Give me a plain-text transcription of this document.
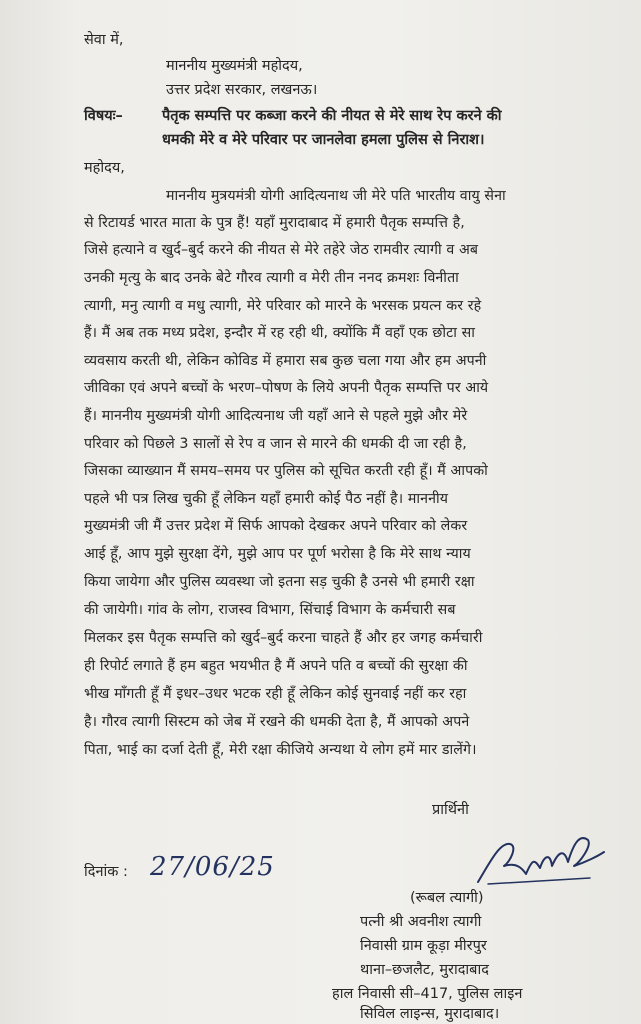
सेवा में,
माननीय मुख्यमंत्री महोदय,
उत्तर प्रदेश सरकार, लखनऊ।
विषयः–	पैतृक सम्पत्ति पर कब्जा करने की नीयत से मेरे साथ रेप करने की
धमकी मेरे व मेरे परिवार पर जानलेवा हमला पुलिस से निराश।
महोदय,
माननीय मुत्रयमंत्री योगी आदित्यनाथ जी मेरे पति भारतीय वायु सेना
से रिटायर्ड भारत माता के पुत्र हैं! यहाँ मुरादाबाद में हमारी पैतृक सम्पत्ति है,
जिसे हत्याने व खुर्द–बुर्द करने की नीयत से मेरे तहेरे जेठ रामवीर त्यागी व अब
उनकी मृत्यु के बाद उनके बेटे गौरव त्यागी व मेरी तीन ननद क्रमशः विनीता
त्यागी, मनु त्यागी व मधु त्यागी, मेरे परिवार को मारने के भरसक प्रयत्न कर रहे
हैं। मैं अब तक मध्य प्रदेश, इन्दौर में रह रही थी, क्योंकि मैं वहाँ एक छोटा सा
व्यवसाय करती थी, लेकिन कोविड में हमारा सब कुछ चला गया और हम अपनी
जीविका एवं अपने बच्चों के भरण–पोषण के लिये अपनी पैतृक सम्पत्ति पर आये
हैं। माननीय मुख्यमंत्री योगी आदित्यनाथ जी यहाँ आने से पहले मुझे और मेरे
परिवार को पिछले 3 सालों से रेप व जान से मारने की धमकी दी जा रही है,
जिसका व्याख्यान मैं समय–समय पर पुलिस को सूचित करती रही हूँ। मैं आपको
पहले भी पत्र लिख चुकी हूँ लेकिन यहाँ हमारी कोई पैठ नहीं है। माननीय
मुख्यमंत्री जी मैं उत्तर प्रदेश में सिर्फ आपको देखकर अपने परिवार को लेकर
आई हूँ, आप मुझे सुरक्षा देंगे, मुझे आप पर पूर्ण भरोसा है कि मेरे साथ न्याय
किया जायेगा और पुलिस व्यवस्था जो इतना सड़ चुकी है उनसे भी हमारी रक्षा
की जायेगी। गांव के लोग, राजस्व विभाग, सिंचाई विभाग के कर्मचारी सब
मिलकर इस पैतृक सम्पत्ति को खुर्द–बुर्द करना चाहते हैं और हर जगह कर्मचारी
ही रिपोर्ट लगाते हैं हम बहुत भयभीत है मैं अपने पति व बच्चों की सुरक्षा की
भीख माँगती हूँ मैं इधर–उधर भटक रही हूँ लेकिन कोई सुनवाई नहीं कर रहा
है। गौरव त्यागी सिस्टम को जेब में रखने की धमकी देता है, मैं आपको अपने
पिता, भाई का दर्जा देती हूँ, मेरी रक्षा कीजिये अन्यथा ये लोग हमें मार डालेंगे।
प्रार्थिनी
दिनांक : 27/06/25
(रूबल त्यागी)
पत्नी श्री अवनीश त्यागी
निवासी ग्राम कूड़ा मीरपुर
थाना–छजलैट, मुरादाबाद
हाल निवासी सी–417, पुलिस लाइन
सिविल लाइन्स, मुरादाबाद।
